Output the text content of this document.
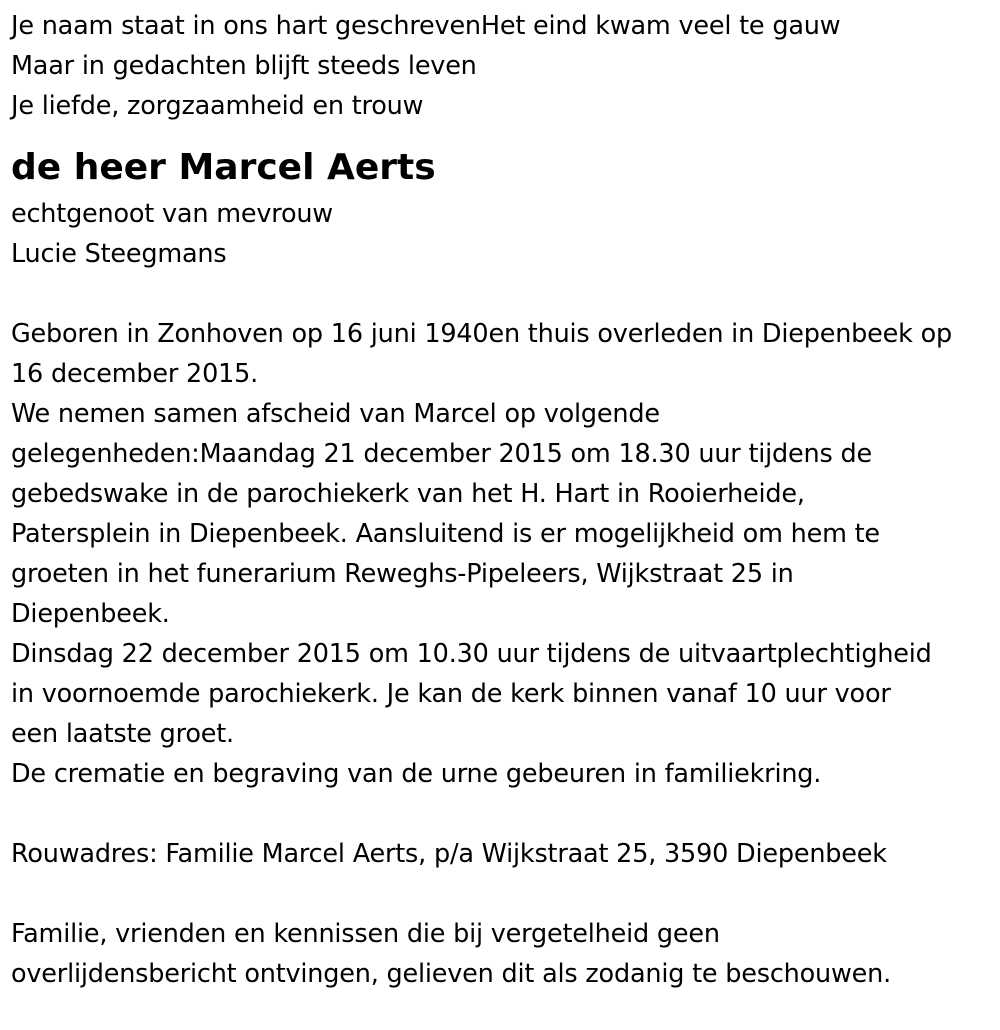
Je naam staat in ons hart geschrevenHet eind kwam veel te gauw

Maar in gedachten blijft steeds leven

Je liefde, zorgzaamheid en trouw

de heer Marcel Aerts

echtgenoot van mevrouw

Lucie Steegmans

Geboren in Zonhoven op 16 juni 1940en thuis overleden in Diepenbeek op

16 december 2015.

We nemen samen afscheid van Marcel op volgende

gelegenheden:Maandag 21 december 2015 om 18.30 uur tijdens de

gebedswake in de parochiekerk van het H. Hart in Rooierheide,

Patersplein in Diepenbeek. Aansluitend is er mogelijkheid om hem te

groeten in het funerarium Reweghs-Pipeleers, Wijkstraat 25 in

Diepenbeek.

Dinsdag 22 december 2015 om 10.30 uur tijdens de uitvaartplechtigheid

in voornoemde parochiekerk. Je kan de kerk binnen vanaf 10 uur voor

een laatste groet.

De crematie en begraving van de urne gebeuren in familiekring.

Rouwadres: Familie Marcel Aerts, p/a Wijkstraat 25, 3590 Diepenbeek

Familie, vrienden en kennissen die bij vergetelheid geen

overlijdensbericht ontvingen, gelieven dit als zodanig te beschouwen.
